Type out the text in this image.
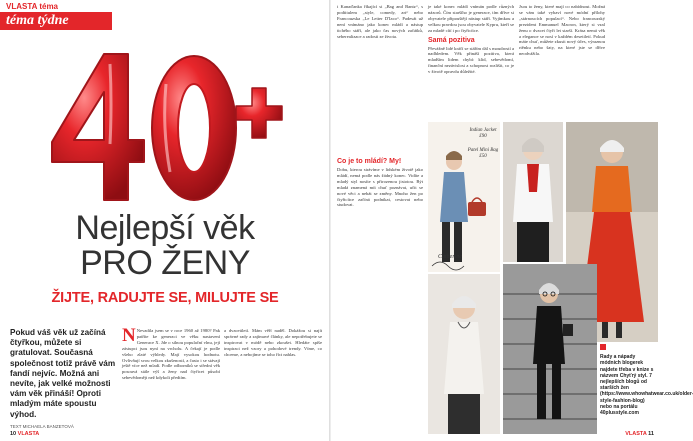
VLASTA téma
téma týdne
Nejlepší věk
PRO ŽENY
ŽIJTE, RADUJTE SE, MILUJTE SE
Pokud váš věk už začíná čtyřkou, můžete si gratulovat. Současná společnost totiž právě vám fandí nejvíc. Možná ani nevíte, jak velké možnosti vám věk přináší! Oproti mladým máte spoustu výhod.
TEXT MICHAELA BANZETOVÁ
N Nevadila jsem se v roce 1960 až 1980? Pak patříte ke generaci ve věku nastavení Generace X. Jde o silnou populační vlnu, její zástupci jsou nyní na vrcholu. A čekají je podle všeho zlaté výhledy. Mají vysokou hodnotu. Ovlivňují svou velkou zkušeností, a často i se stávají ještě více než mladí. Podle odborníků se střední věk posouvá stále výš a ženy nad čtyřicet působí sebevědoměji než kdykoli předtím.
a dvacetiletí. Mám věří naděl. Dokážou si najít správné rady a zajímavé články, ale nepotřebujete se inspirovat v módě nebo zkoušet. Hledáte spíše inspiraci než vzory a pohodové trendy. Víme, co chceme, a nebojíme se toho říct nahlas.
10 VLASTA
i Kanaďanka říkající si „Bag and Bantz“, s podtitulem „style, comedy, art“ nebo Francouzska „Le Letter D'Iaco“. Padesát už není vnímáno jako konec mládí a nástup tichého stáří, ale jako čas nových začátků, seberealizace a radosti ze života.
Co je to mládí? My!
Dobu, kterou strávíme v lidském životě jako mládí, nemá podle nás žádný konec. Vidíte a mladý styl nosíte s přirozenou jistotou. Být mladá znamená mít chuť poznávat, učit se nové věci a nebát se změny. Mnoho žen po čtyřicítce začíná podnikat, cestovat nebo studovat.
je také konec mládí vnímán podle různých názorů. Čím staršího je generace, tím dříve si obyvatele připouštějí nástup stáří. Vyjímkou a velkou pravdou jsou obyvatele Kypru, kteří se za mladé cítí i po čtyřicítce.
Samá pozitiva
Převážně lidé kráčí se stářím dál s moudrostí a nadhledem. Věk přináší pozitiva, která mladším lidem chybí: klid, sebevědomí, finanční nezávislost a schopnost rozlišit, co je v životě opravdu důležité.
Jsou to ženy, které mají co nabídnout. Možná se vám také vybaví nové módní přílohy „stárnoucích populací“. Nebo francouzský prezident Emmanuel Macron, který si vzal ženu o dvacet čtyři let starší. Krása nemá věk a elegance se nosí v každém desetiletí. Pokud máte chuť, můžete zkusit nový účes, výraznou rtěnku nebo šaty, na které jste se dříve neodvážila.
Indian Jacket £90
Patel Mini Bag £50
Catherine
Rady a nápady módních blogerek najdete třeba v knize s názvem Chyťrý styl. 7 nejlepších blogů od starších žen (https://www.whowhatwear.co.uk/older-style-fashion-blog) nebo na portálu 40plusstyle.com
VLASTA 11
